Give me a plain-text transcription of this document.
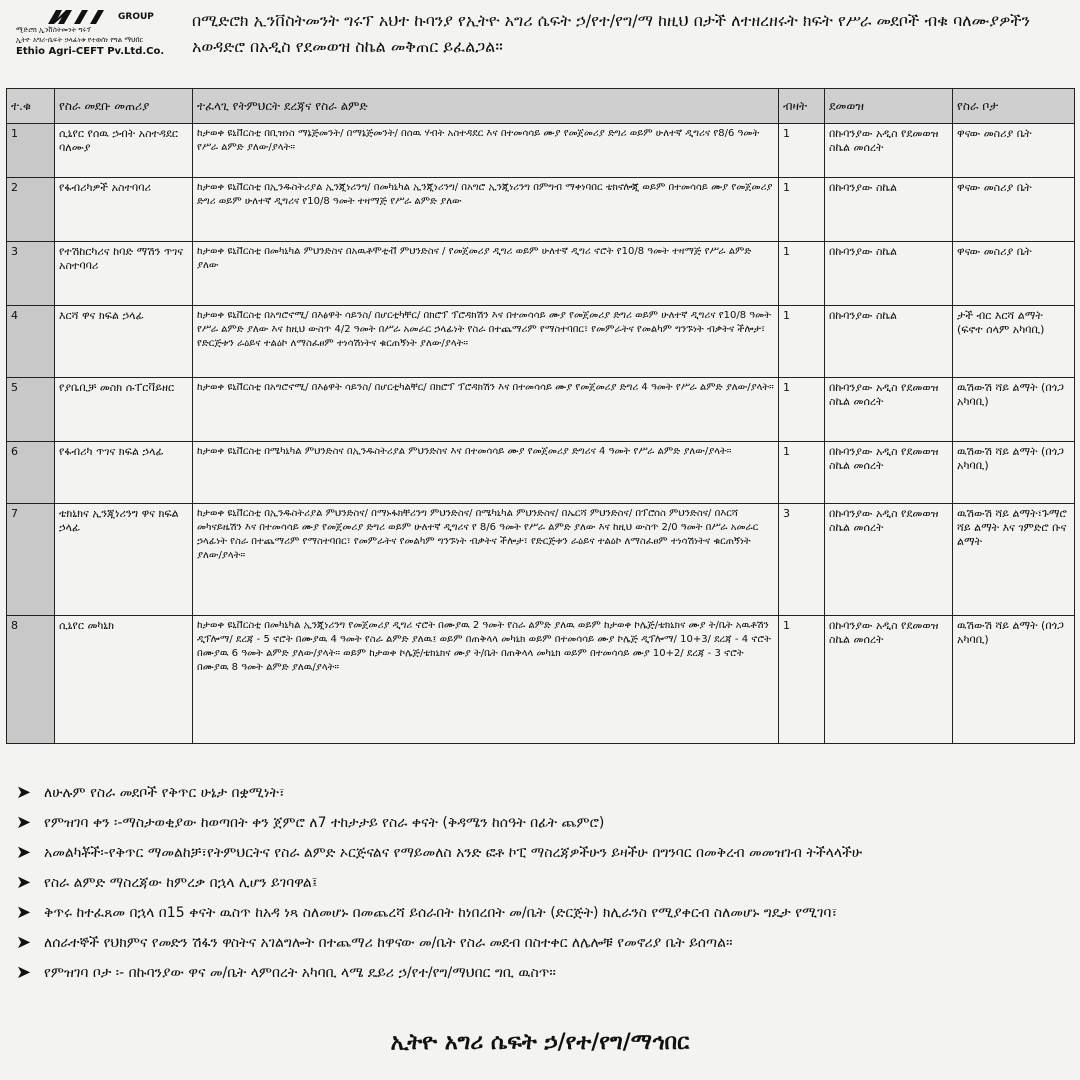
GROUP
ሚድሮክ ኢንቨስትመንት ግሩፕ
ኢትዮ አግሪ-ሴፍት ኃላፊነቱ የተወሰነ የግል ማህበር
Ethio Agri-CEFT Pv.Ltd.Co.
በሚድሮክ ኢንቨስትመንት ግሩፕ አህተ ኩባንያ የኢትዮ አግሪ ሴፍት ኃ/የተ/የግ/ማ ከዚህ በታች ለተዘረዘሩት ክፍት የሥራ መደቦች ብቁ ባለሙያዎችን አወዳድሮ በአዲስ የደመወዝ ስኬል መቅጠር ይፈልጋል።
ተ.ቁ	የስራ መደቡ መጠሪያ	ተፈላጊ የትምህርት ደረጃና የስራ ልምድ	ብዛት	ደመወዝ	የስራ ቦታ
1	ሲኒየር የሰዉ ኃብት አስተዳደር ባለሙያ	ከታወቀ ዩኒቨርስቲ በቢዝነስ ማኔጅመንት/ በማኔጅመንት/ በሰዉ ሃብት አስተዳደር እና በተመሳሳይ ሙያ የመጀመሪያ ድግሪ ወይም ሁለተኛ ዲግሪና የ8/6 ዓመት የሥራ ልምድ ያለው/ያላት።	1	በኩባንያው አዲስ የደመወዝ ስኬል መሰረት	ዋናው መስሪያ ቤት
2	የፋብሪካዎች አስተባባሪ	ከታወቀ ዩኒቨርስቲ በኢንዱስትሪያል ኢንጂነሪንግ/ በመካኒካል ኢንጂነሪንግ/ በአግሮ ኢንጂነሪንግ በምግብ ማቀነባበር ቴክኖሎጂ ወይም በተመሳሳይ ሙያ የመጀመሪያ ድግሪ ወይም ሁለተኛ ዲግሪና የ10/8 ዓመት ተዛማጅ የሥራ ልምድ ያለው	1	በኩባንያው ስኬል	ዋናው መስሪያ ቤት
3	የተሽከርካሪና ከባድ ማሽን ጥገና አስተባባሪ	ከታወቀ ዩኒቨርስቲ በመካኒካል ምህንድስና በአዉቶሞቲቭ ምህንድስና / የመጀመሪያ ዲግሪ ወይም ሁለተኛ ዲግሪ ኖሮት የ10/8 ዓመት ተዛማጅ የሥራ ልምድ ያለው	1	በኩባንያው ስኬል	ዋናው መስሪያ ቤት
4	እርሻ ዋና ክፍል ኃላፊ	ከታወቀ ዩኒቨርስቲ በአግሮኖሚ/ በእፅዋት ሳይንስ/ በሆርቲካቸር/ በክሮፕ ፕሮዳክሽን እና በተመሳሳይ ሙያ የመጀመሪያ ድግሪ ወይም ሁለተኛ ዲግሪና የ10/8 ዓመት የሥራ ልምድ ያለው እና ከዚህ ውስጥ 4/2 ዓመት በሥራ አመራር ኃላፊነት የስራ በተጨማሪም የማስተባበር፣ የመምራትና የመልካም ግንኙነት ብቃትና ችሎታ፣ የድርጅቱን ራዕይና ተልዕኮ ለማስፈፀም ተነሳሽነትና ቁርጠኝነት ያለው/ያላት።	1	በኩባንያው ስኬል	ታች ብር እርሻ ልማት (ፍኖተ ሰላም አካባቢ)
5	የያቤቢቻ መስክ ሱፐርቫይዘር	ከታወቀ ዩኒቨርስቲ በአግሮኖሚ/ በእፅዋት ሳይንስ/ በሆርቲካልቸር/ በክሮፕ ፕሮዳክሽን እና በተመሳሳይ ሙያ የመጀመሪያ ድግሪ 4 ዓመት የሥራ ልምድ ያለው/ያላት።	1	በኩባንያው አዲስ የደመወዝ ስኬል መሰረት	ዉሽውሽ ሻይ ልማት (በጎጋ አካባቢ)
6	የፋብሪካ ጥገና ክፍል ኃላፊ	ከታወቀ ዩኒቨርስቲ በሜካኒካል ምህንድስና በኢንዱስትሪያል ምህንድስና እና በተመሳሳይ ሙያ የመጀመሪያ ድግሪና 4 ዓመት የሥራ ልምድ ያለው/ያላት።	1	በኩባንያው አዲስ የደመወዝ ስኬል መሰረት	ዉሽውሽ ሻይ ልማት (በጎጋ አካባቢ)
7	ቴክኒክና ኢንጂነሪንግ ዋና ክፍል ኃላፊ	ከታወቀ ዩኒቨርስቲ በኢንዱስትሪያል ምህንድስና/ በማኑፋክቸሪንግ ምህንድስና/ በሜካኒካል ምህንድስና/ በኤርሻ ምህንድስና/ በፕሮሰስ ምህንድስና/ በእርሻ መካናይዜሽን እና በተመሳሳይ ሙያ የመጀመሪያ ድግሪ ወይም ሁለተኛ ዲግሪና የ 8/6 ዓመት የሥራ ልምድ ያለው እና ከዚህ ውስጥ 2/0 ዓመት በሥራ አመራር ኃላፊነት የስራ በተጨማሪም የማስተባበር፣ የመምራትና የመልካም ግንኙነት ብቃትና ችሎታ፣ የድርጅቱን ራዕይና ተልዕኮ ለማስፈፀም ተነሳሽነትና ቁርጠኝነት ያለው/ያላት።	3	በኩባንያው አዲስ የደመወዝ ስኬል መሰረት	ዉሽውሽ ሻይ ልማት፣ጉማሮ ሻይ ልማት እና ገምድሮ ቡና ልማት
8	ሲኒየር መካኒክ	ከታወቀ ዩኒቨርስቲ በመካኒካል ኢንጂነሪንግ የመጀመሪያ ዲግሪ ኖሮት በሙያዉ 2 ዓመት የስራ ልምድ ያለዉ ወይም ከታወቀ ኮሌጅ/ቴክኒክና ሙያ ት/ቤት አዉቶሽን ዲፕሎማ/ ደረጃ - 5 ኖሮት በሙያዉ 4 ዓመት የስራ ልምድ ያለዉ፤ ወይም በጠቅላላ መካኒክ ወይም በተመሳሳይ ሙያ ኮሌጅ ዲፕሎማ/ 10+3/ ደረጃ - 4 ኖሮት በሙያዉ 6 ዓመት ልምድ ያለው/ያላት። ወይም ከታወቀ ኮሌጅ/ቴክኒክና ሙያ ት/ቤት በጠቅላላ መካኒክ ወይም በተመሳሳይ ሙያ 10+2/ ደረጃ - 3 ኖሮት በሙያዉ 8 ዓመት ልምድ ያለዉ/ያላት።	1	በኩባንያው አዲስ የደመወዝ ስኬል መሰረት	ዉሽውሽ ሻይ ልማት (በጎጋ አካባቢ)
➤ ለሁሉም የስራ መደቦች የቅጥር ሁኔታ በቋሚነት፣
➤ የምዝገባ ቀን ፡-ማስታወቂያው ከወጣበት ቀን ጀምሮ ለ7 ተከታታይ የስራ ቀናት (ቅዳሜን ከሰዓት በፊት ጨምሮ)
➤ አመልካቾች፡-የቅጥር ማመልከቻ፣የትምህርትና የስራ ልምድ ኦርጅናልና የማይመለስ አንድ ፎቶ ኮፒ ማስረጃዎችሁን ይዛችሁ በግንባር በመቅረብ መመዝገብ ትችላላችሁ
➤ የስራ ልምድ ማስረጃው ከምረቃ በኋላ ሊሆን ይገባዋል፤
➤ ቅጥሩ ከተፈጸመ በኋላ በ15 ቀናት ዉስጥ ከአዳ ነጻ ስለመሆኑ በመጨረሻ ይሰራበት ከነበረበት መ/ቤት (ድርጅት) ክሊራንስ የሚያቀርብ ስለመሆኑ ግዴታ የሚገባ፣
➤ ለሰራተኞች የህክምና የመድን ሽፋን ዋስትና አገልግሎት በተጨማሪ ከዋናው መ/ቤት የስራ መደብ በስተቀር ለሌሎቹ የመኖሪያ ቤት ይሰጣል።
➤ የምዝገባ ቦታ ፡- በኩባንያው ዋና መ/ቤት ላምበረት አካባቢ ላሜ ዴይሪ ኃ/የተ/የግ/ማህበር ግቢ ዉስጥ።
ኢትዮ አግሪ ሴፍት ኃ/የተ/የግ/ማኅበር
